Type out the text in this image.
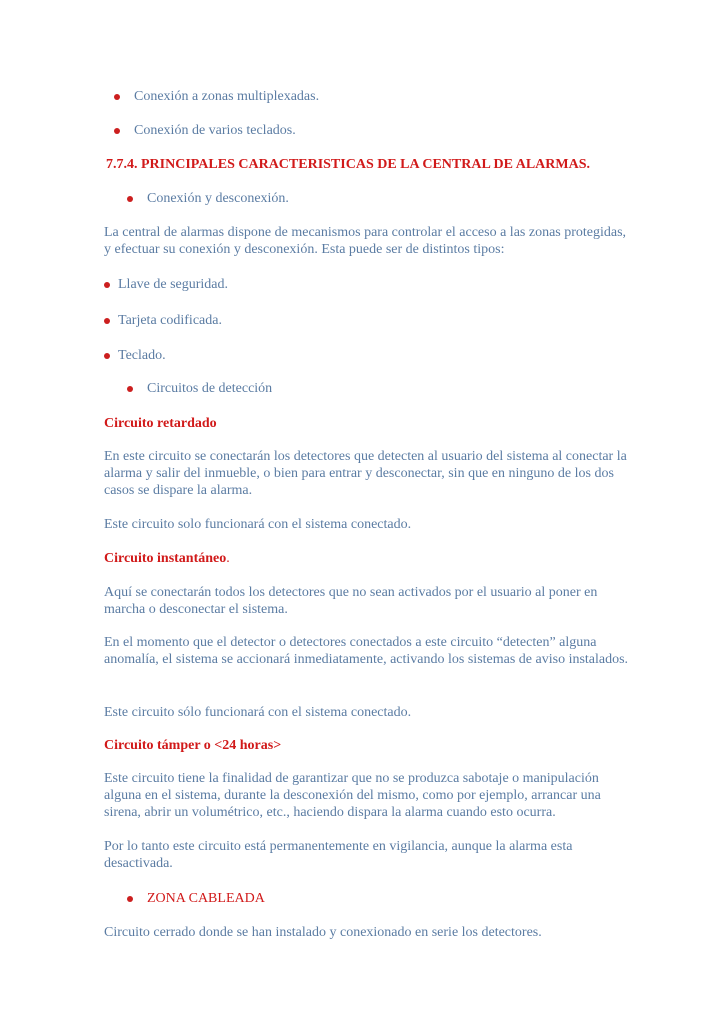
Conexión a zonas multiplexadas.
Conexión de varios teclados.
7.7.4. PRINCIPALES CARACTERISTICAS DE LA CENTRAL DE ALARMAS.
Conexión y desconexión.

La central de alarmas dispone de mecanismos para controlar el acceso a las zonas protegidas, y efectuar su conexión y desconexión. Esta puede ser de distintos tipos:

Llave de seguridad.
Tarjeta codificada.
Teclado.
Circuitos de detección
Circuito retardado

En este circuito se conectarán los detectores que detecten al usuario del sistema al conectar la alarma y salir del inmueble, o bien para entrar y desconectar, sin que en ninguno de los dos casos se dispare la alarma.

Este circuito solo funcionará con el sistema conectado.

Circuito instantáneo.

Aquí se conectarán todos los detectores que no sean activados por el usuario al poner en marcha o desconectar el sistema.

En el momento que el detector o detectores conectados a este circuito “detecten” alguna anomalía, el sistema se accionará inmediatamente, activando los sistemas de aviso instalados.

Este circuito sólo funcionará con el sistema conectado.

Circuito támper o <24 horas>

Este circuito tiene la finalidad de garantizar que no se produzca sabotaje o manipulación alguna en el sistema, durante la desconexión del mismo, como por ejemplo, arrancar una sirena, abrir un volumétrico, etc., haciendo dispara la alarma cuando esto ocurra.

Por lo tanto este circuito está permanentemente en vigilancia, aunque la alarma esta desactivada.

ZONA CABLEADA

Circuito cerrado donde se han instalado y conexionado en serie los detectores.
